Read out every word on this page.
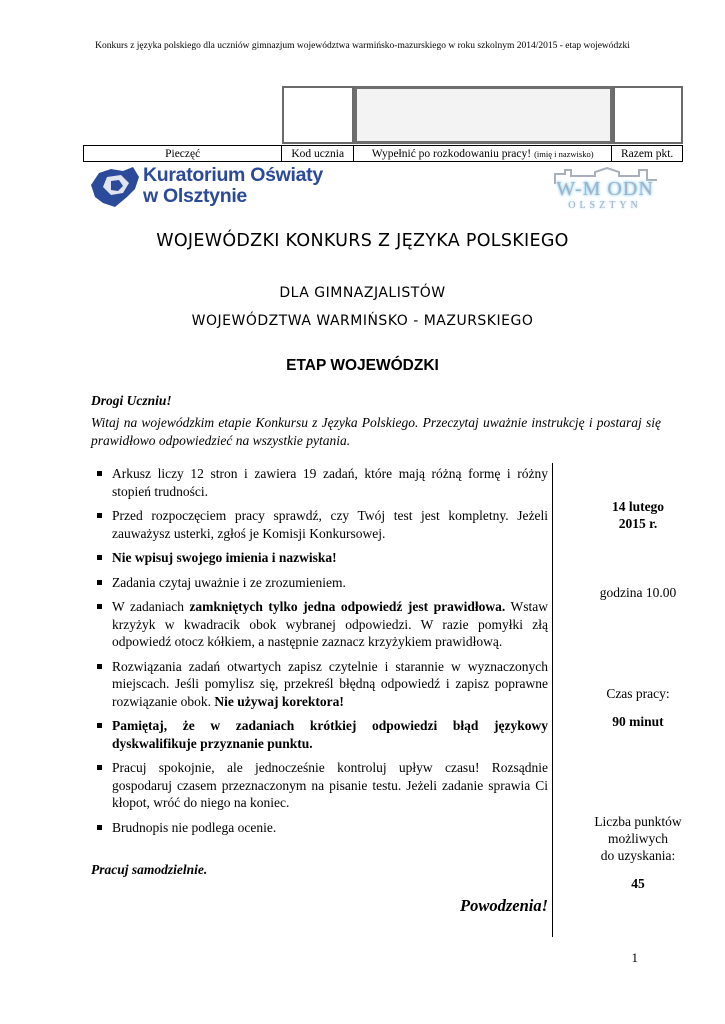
Konkurs z języka polskiego dla uczniów gimnazjum województwa warmińsko-mazurskiego w roku szkolnym 2014/2015 - etap wojewódzki
Pieczęć	Kod ucznia	Wypełnić po rozkodowaniu pracy! (imię i nazwisko)	Razem pkt.
Kuratorium Oświaty
w Olsztynie	W-M ODN
OLSZTYN
WOJEWÓDZKI KONKURS Z JĘZYKA POLSKIEGO
DLA GIMNAZJALISTÓW
WOJEWÓDZTWA WARMIŃSKO - MAZURSKIEGO
ETAP WOJEWÓDZKI
Drogi Uczniu!
Witaj na wojewódzkim etapie Konkursu z Języka Polskiego. Przeczytaj uważnie instrukcję i postaraj się prawidłowo odpowiedzieć na wszystkie pytania.
Arkusz liczy 12 stron i zawiera 19 zadań, które mają różną formę i różny stopień trudności.
Przed rozpoczęciem pracy sprawdź, czy Twój test jest kompletny. Jeżeli zauważysz usterki, zgłoś je Komisji Konkursowej.
Nie wpisuj swojego imienia i nazwiska!
Zadania czytaj uważnie i ze zrozumieniem.
W zadaniach zamkniętych tylko jedna odpowiedź jest prawidłowa. Wstaw krzyżyk w kwadracik obok wybranej odpowiedzi. W razie pomyłki złą odpowiedź otocz kółkiem, a następnie zaznacz krzyżykiem prawidłową.
Rozwiązania zadań otwartych zapisz czytelnie i starannie w wyznaczonych miejscach. Jeśli pomylisz się, przekreśl błędną odpowiedź i zapisz poprawne rozwiązanie obok. Nie używaj korektora!
Pamiętaj, że w zadaniach krótkiej odpowiedzi błąd językowy dyskwalifikuje przyznanie punktu.
Pracuj spokojnie, ale jednocześnie kontroluj upływ czasu! Rozsądnie gospodaruj czasem przeznaczonym na pisanie testu. Jeżeli zadanie sprawia Ci kłopot, wróć do niego na koniec.
Brudnopis nie podlega ocenie.
14 lutego
2015 r.
godzina 10.00
Czas pracy:
90 minut
Liczba punktów
możliwych
do uzyskania:
45
Pracuj samodzielnie.
Powodzenia!
1
